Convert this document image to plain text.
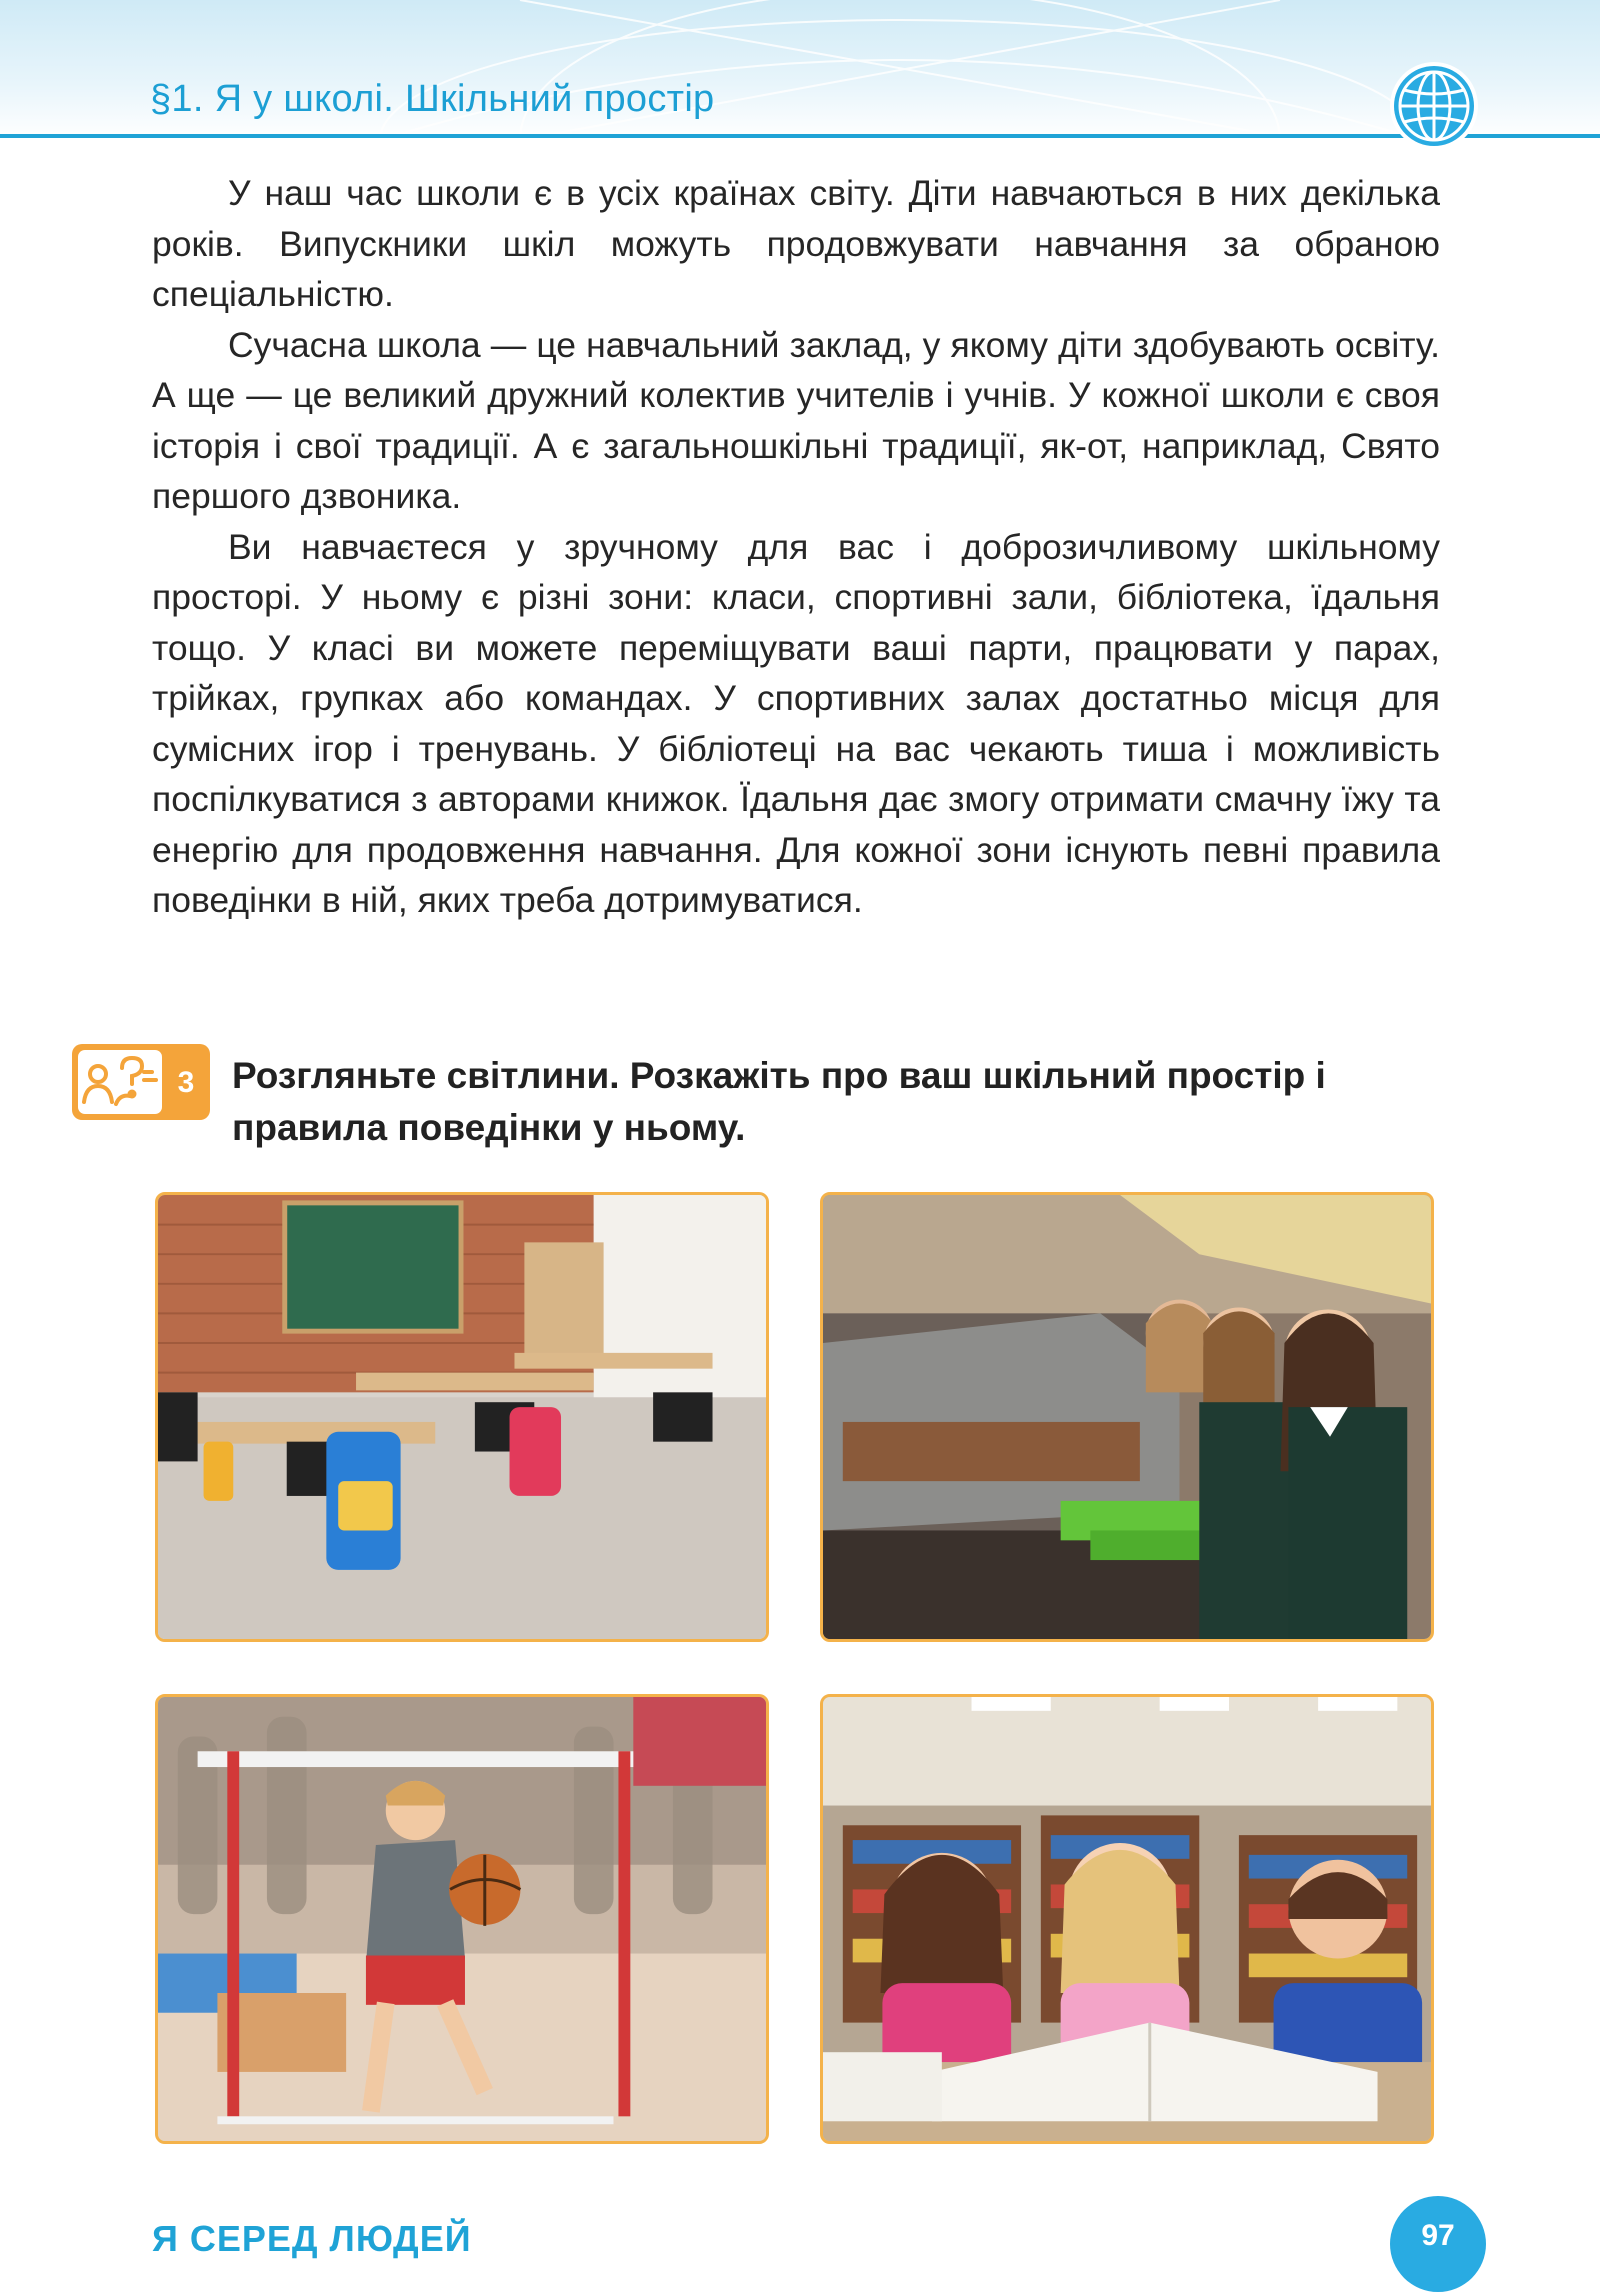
§1. Я у школі. Шкільний простір

У наш час школи є в усіх країнах світу. Діти навчаються в них декілька років. Випускники шкіл можуть продовжувати навчання за обраною спеціальністю.

Сучасна школа — це навчальний заклад, у якому діти здобувають освіту. А ще — це великий дружний колектив учителів і учнів. У кожної школи є своя історія і свої традиції. А є загальношкільні традиції, як-от, наприклад, Свято першого дзвоника.

Ви навчаєтеся у зручному для вас і доброзичливому шкільному просторі. У ньому є різні зони: класи, спортивні зали, бібліотека, їдальня тощо. У класі ви можете переміщувати ваші парти, працювати у парах, трійках, групках або командах. У спортивних залах достатньо місця для сумісних ігор і тренувань. У бібліотеці на вас чекають тиша і можливість поспілкуватися з авторами книжок. Їдальня дає змогу отримати смачну їжу та енергію для продовження навчання. Для кожної зони існують певні правила поведінки в ній, яких треба дотримуватися.

3 Розгляньте світлини. Розкажіть про ваш шкільний простір і правила поведінки у ньому.
Я СЕРЕД ЛЮДЕЙ	97
